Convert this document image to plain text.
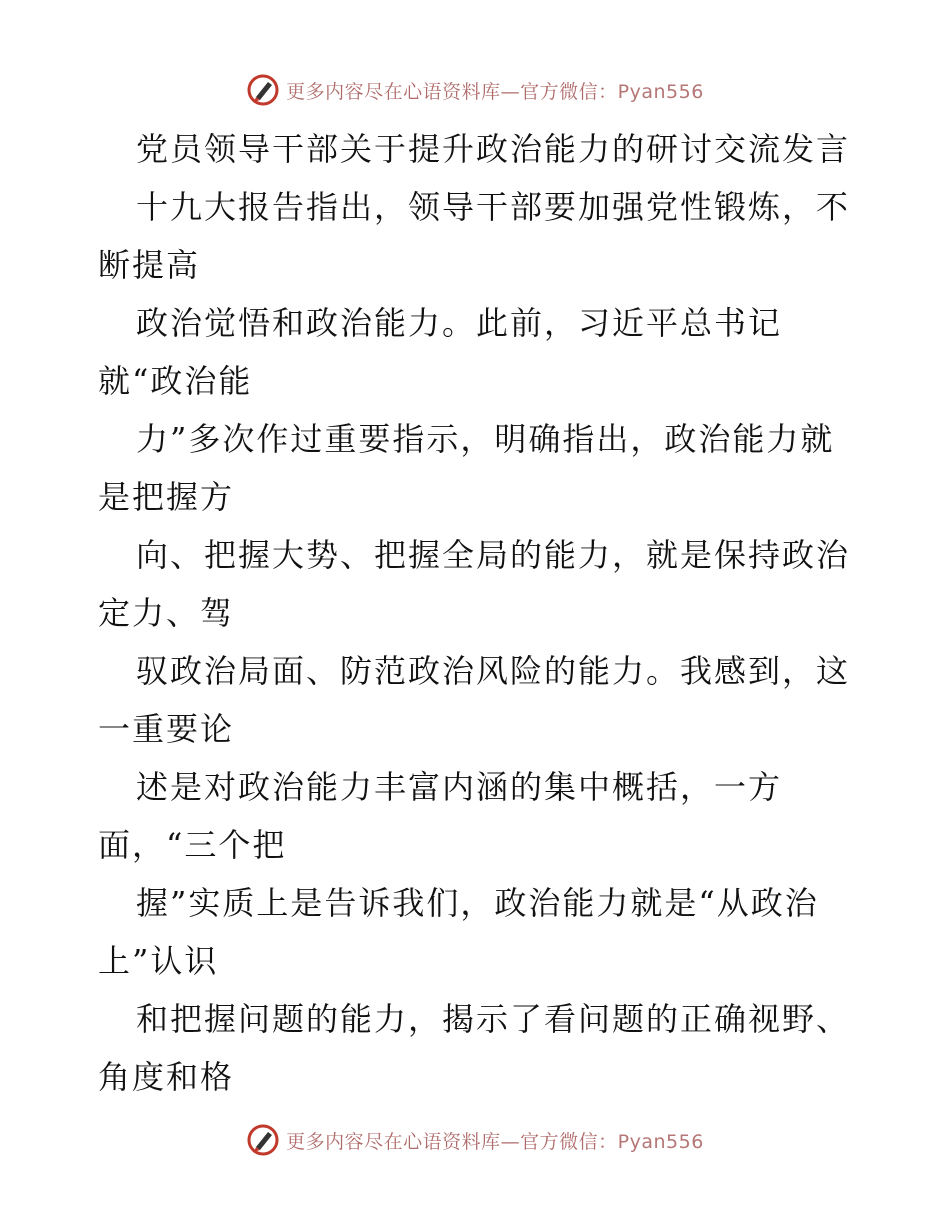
更多内容尽在心语资料库—官方微信：Pyan556
党员领导干部关于提升政治能力的研讨交流发言
十九大报告指出，领导干部要加强党性锻炼，不
断提高
政治觉悟和政治能力。此前，习近平总书记
就“政治能
力”多次作过重要指示，明确指出，政治能力就
是把握方
向、把握大势、把握全局的能力，就是保持政治
定力、驾
驭政治局面、防范政治风险的能力。我感到，这
一重要论
述是对政治能力丰富内涵的集中概括，一方
面，“三个把
握”实质上是告诉我们，政治能力就是“从政治
上”认识
和把握问题的能力，揭示了看问题的正确视野、
角度和格
更多内容尽在心语资料库—官方微信：Pyan556
